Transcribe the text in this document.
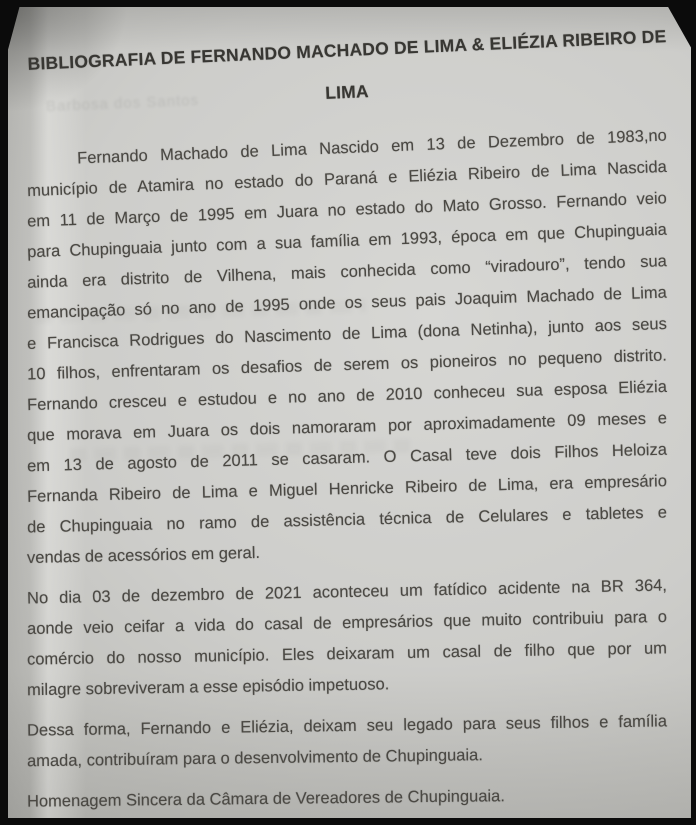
Barbosa dos Santos
BIBLIOGRAFIA DE FERNANDO MACHADO DE LIMA & ELIÉZIA RIBEIRO DE
LIMA
Fernando Machado de Lima Nascido em 13 de Dezembro de 1983,no
município de Atamira no estado do Paraná e Eliézia Ribeiro de Lima Nascida
em 11 de Março de 1995 em Juara no estado do Mato Grosso. Fernando veio
para Chupinguaia junto com a sua família em 1993, época em que Chupinguaia
ainda era distrito de Vilhena, mais conhecida como “viradouro”, tendo sua
emancipação só no ano de 1995 onde os seus pais Joaquim Machado de Lima
e Francisca Rodrigues do Nascimento de Lima (dona Netinha), junto aos seus
10 filhos, enfrentaram os desafios de serem os pioneiros no pequeno distrito.
Fernando cresceu e estudou e no ano de 2010 conheceu sua esposa Eliézia
que morava em Juara os dois namoraram por aproximadamente 09 meses e
em 13 de agosto de 2011 se casaram. O Casal teve dois Filhos Heloiza
Fernanda Ribeiro de Lima e Miguel Henricke Ribeiro de Lima, era empresário
de Chupinguaia no ramo de assistência técnica de Celulares e tabletes e
vendas de acessórios em geral.
No dia 03 de dezembro de 2021 aconteceu um fatídico acidente na BR 364,
aonde veio ceifar a vida do casal de empresários que muito contribuiu para o
comércio do nosso município. Eles deixaram um casal de filho que por um
milagre sobreviveram a esse episódio impetuoso.
Dessa forma, Fernando e Eliézia, deixam seu legado para seus filhos e família
amada, contribuíram para o desenvolvimento de Chupinguaia.
Homenagem Sincera da Câmara de Vereadores de Chupinguaia.
